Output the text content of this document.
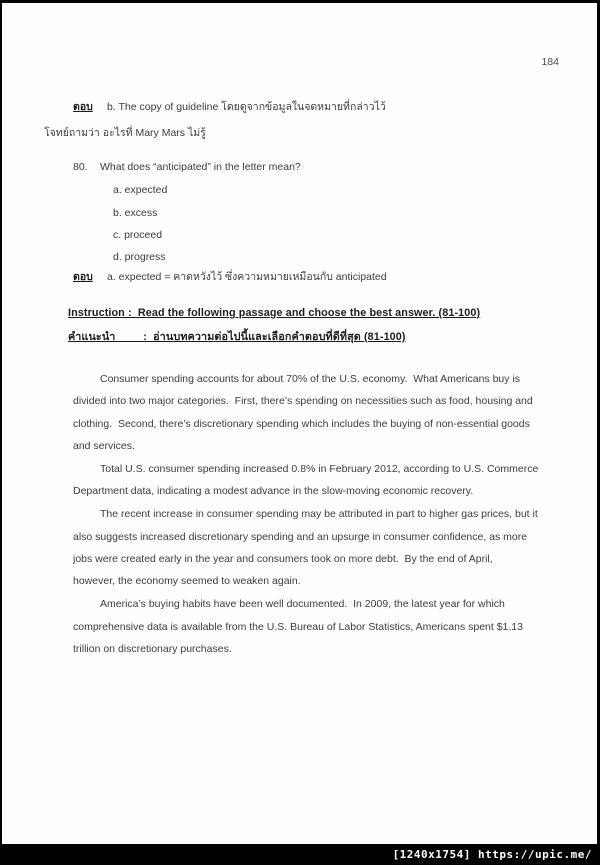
184
ตอบ b. The copy of guideline โดยดูจากข้อมูลในจดหมายที่กล่าวไว้
โจทย์ถามว่า อะไรที่ Mary Mars ไม่รู้
80. What does “anticipated” in the letter mean?
a. expected
b. excess
c. proceed
d. progress
ตอบ a. expected = คาดหวังไว้ ซึ่งความหมายเหมือนกับ anticipated
Instruction :  Read the following passage and choose the best answer. (81-100)
คำแนะนำ         :  อ่านบทความต่อไปนี้และเลือกคำตอบที่ดีที่สุด (81-100)
Consumer spending accounts for about 70% of the U.S. economy.  What Americans buy is
divided into two major categories.  First, there’s spending on necessities such as food, housing and
clothing.  Second, there’s discretionary spending which includes the buying of non-essential goods
and services.
Total U.S. consumer spending increased 0.8% in February 2012, according to U.S. Commerce
Department data, indicating a modest advance in the slow-moving economic recovery.
The recent increase in consumer spending may be attributed in part to higher gas prices, but it
also suggests increased discretionary spending and an upsurge in consumer confidence, as more
jobs were created early in the year and consumers took on more debt.  By the end of April,
however, the economy seemed to weaken again.
America’s buying habits have been well documented.  In 2009, the latest year for which
comprehensive data is available from the U.S. Bureau of Labor Statistics, Americans spent $1.13
trillion on discretionary purchases.
[1240x1754] https://upic.me/
